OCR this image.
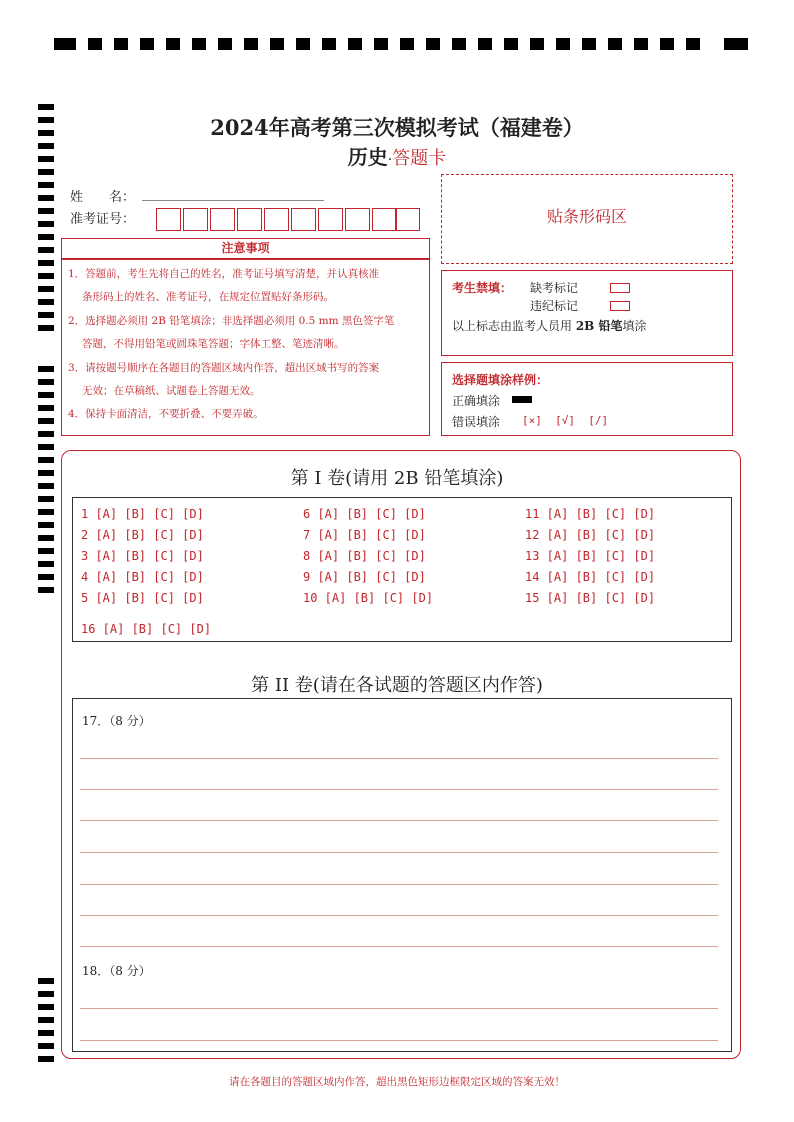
2024年高考第三次模拟考试（福建卷）
历史·答题卡
姓　　名：
准考证号：	贴条形码区
注意事项
1．答题前，考生先将自己的姓名，准考证号填写清楚，并认真核准
条形码上的姓名、准考证号，在规定位置贴好条形码。
2．选择题必须用 2B 铅笔填涂；非选择题必须用 0.5 mm 黑色签字笔
答题，不得用铅笔或圆珠笔答题；字体工整、笔迹清晰。
3．请按题号顺序在各题目的答题区域内作答，超出区域书写的答案
无效；在草稿纸、试题卷上答题无效。
4．保持卡面清洁，不要折叠、不要弄破。
考生禁填： 缺考标记
违纪标记
以上标志由监考人员用 2B 铅笔填涂
选择题填涂样例：
正确填涂
错误填涂 [×]  [√]  [/]
第 I 卷(请用 2B 铅笔填涂)
1 [A] [B] [C] [D]
2 [A] [B] [C] [D]
3 [A] [B] [C] [D]
4 [A] [B] [C] [D]
5 [A] [B] [C] [D]
6 [A] [B] [C] [D]
7 [A] [B] [C] [D]
8 [A] [B] [C] [D]
9 [A] [B] [C] [D]
10 [A] [B] [C] [D]
11 [A] [B] [C] [D]
12 [A] [B] [C] [D]
13 [A] [B] [C] [D]
14 [A] [B] [C] [D]
15 [A] [B] [C] [D]
16 [A] [B] [C] [D]
第 II 卷(请在各试题的答题区内作答)
17．（8 分）
18．（8 分）
请在各题目的答题区域内作答，超出黑色矩形边框限定区域的答案无效！
